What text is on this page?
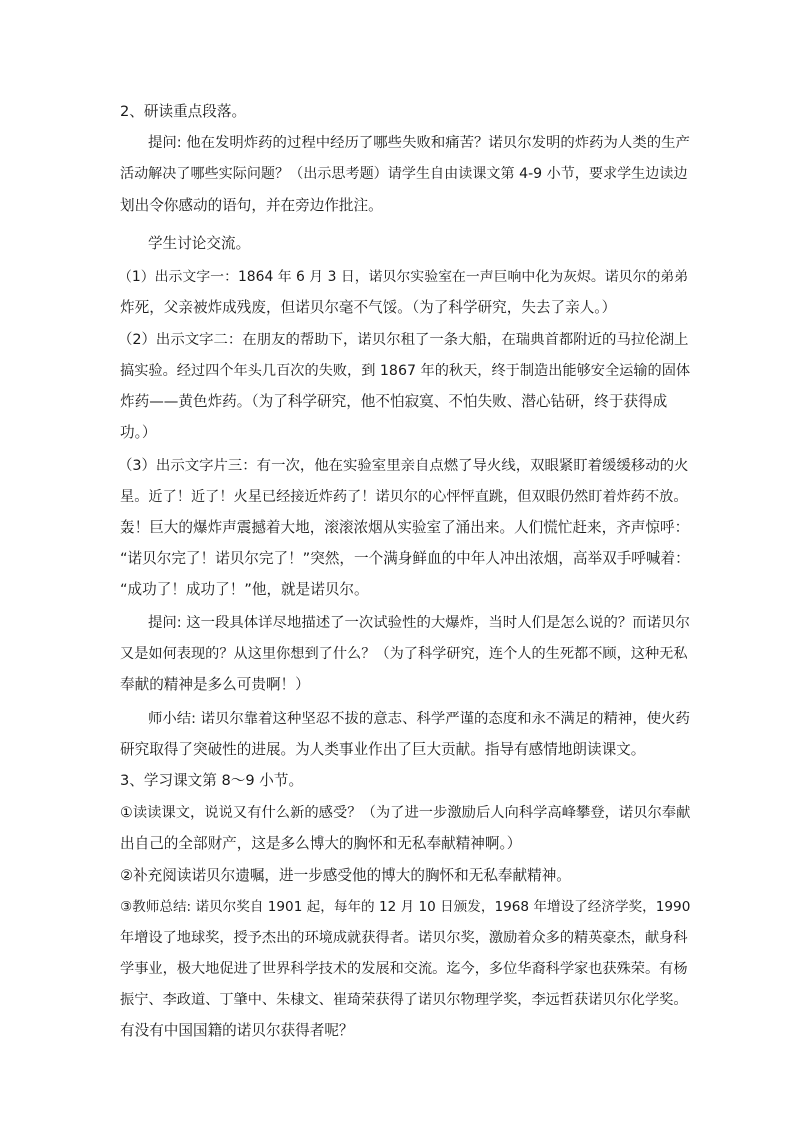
2、研读重点段落。
提问: 他在发明炸药的过程中经历了哪些失败和痛苦？诺贝尔发明的炸药为人类的生产
活动解决了哪些实际问题？（出示思考题）请学生自由读课文第 4-9 小节，要求学生边读边
划出令你感动的语句，并在旁边作批注。
学生讨论交流。
（1）出示文字一：1864 年 6 月 3 日，诺贝尔实验室在一声巨响中化为灰烬。诺贝尔的弟弟
炸死，父亲被炸成残废，但诺贝尔毫不气馁。（为了科学研究，失去了亲人。）
（2）出示文字二：在朋友的帮助下，诺贝尔租了一条大船，在瑞典首都附近的马拉伦湖上
搞实验。经过四个年头几百次的失败，到 1867 年的秋天，终于制造出能够安全运输的固体
炸药——黄色炸药。（为了科学研究，他不怕寂寞、不怕失败、潜心钻研，终于获得成
功。）
（3）出示文字片三：有一次，他在实验室里亲自点燃了导火线，双眼紧盯着缓缓移动的火
星。近了！近了！火星已经接近炸药了！诺贝尔的心怦怦直跳，但双眼仍然盯着炸药不放。
轰！巨大的爆炸声震撼着大地，滚滚浓烟从实验室了涌出来。人们慌忙赶来，齐声惊呼：
“诺贝尔完了！诺贝尔完了！”突然，一个满身鲜血的中年人冲出浓烟，高举双手呼喊着：
“成功了！成功了！”他，就是诺贝尔。
提问: 这一段具体详尽地描述了一次试验性的大爆炸，当时人们是怎么说的？而诺贝尔
又是如何表现的？从这里你想到了什么？（为了科学研究，连个人的生死都不顾，这种无私
奉献的精神是多么可贵啊！）
师小结: 诺贝尔靠着这种坚忍不拔的意志、科学严谨的态度和永不满足的精神，使火药
研究取得了突破性的进展。为人类事业作出了巨大贡献。指导有感情地朗读课文。
3、学习课文第 8～9 小节。
①读读课文，说说又有什么新的感受？（为了进一步激励后人向科学高峰攀登，诺贝尔奉献
出自己的全部财产，这是多么博大的胸怀和无私奉献精神啊。）
②补充阅读诺贝尔遗嘱，进一步感受他的博大的胸怀和无私奉献精神。
③教师总结: 诺贝尔奖自 1901 起，每年的 12 月 10 日颁发，1968 年增设了经济学奖，1990
年增设了地球奖，授予杰出的环境成就获得者。诺贝尔奖，激励着众多的精英豪杰，献身科
学事业，极大地促进了世界科学技术的发展和交流。迄今，多位华裔科学家也获殊荣。有杨
振宁、李政道、丁肇中、朱棣文、崔琦荣获得了诺贝尔物理学奖，李远哲获诺贝尔化学奖。
有没有中国国籍的诺贝尔获得者呢？
